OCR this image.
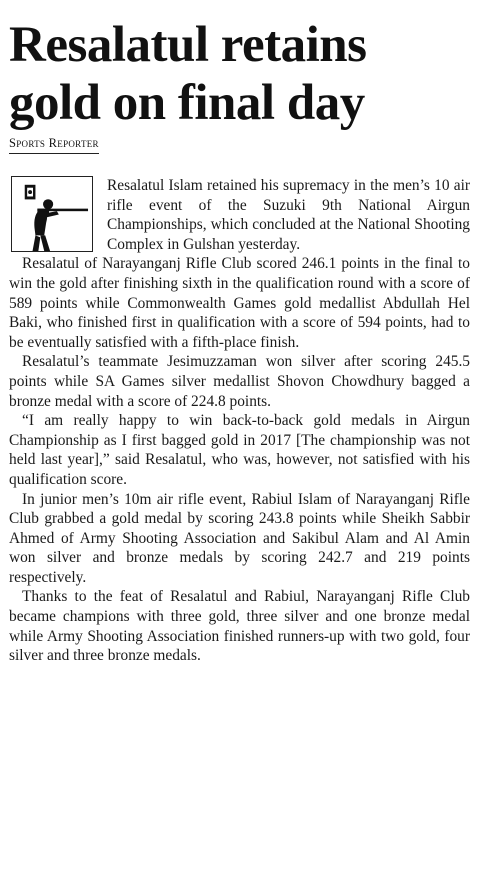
Resalatul retains
gold on final day
Sports Reporter

Resalatul Islam retained his supremacy in the men’s 10 air rifle event of the Suzuki 9th National Airgun Championships, which concluded at the National Shooting Complex in Gulshan yesterday.

Resalatul of Narayanganj Rifle Club scored 246.1 points in the final to win the gold after finishing sixth in the qualification round with a score of 589 points while Commonwealth Games gold medallist Abdullah Hel Baki, who finished first in qualification with a score of 594 points, had to be eventually satisfied with a fifth-place finish.

Resalatul’s teammate Jesimuzzaman won silver after scoring 245.5 points while SA Games silver medallist Shovon Chowdhury bagged a bronze medal with a score of 224.8 points.

“I am really happy to win back-to-back gold medals in Airgun Championship as I first bagged gold in 2017 [The championship was not held last year],” said Resalatul, who was, however, not satisfied with his qualification score.

In junior men’s 10m air rifle event, Rabiul Islam of Narayanganj Rifle Club grabbed a gold medal by scoring 243.8 points while Sheikh Sabbir Ahmed of Army Shooting Association and Sakibul Alam and Al Amin won silver and bronze medals by scoring 242.7 and 219 points respectively.

Thanks to the feat of Resalatul and Rabiul, Narayanganj Rifle Club became champions with three gold, three silver and one bronze medal while Army Shooting Association finished runners-up with two gold, four silver and three bronze medals.
